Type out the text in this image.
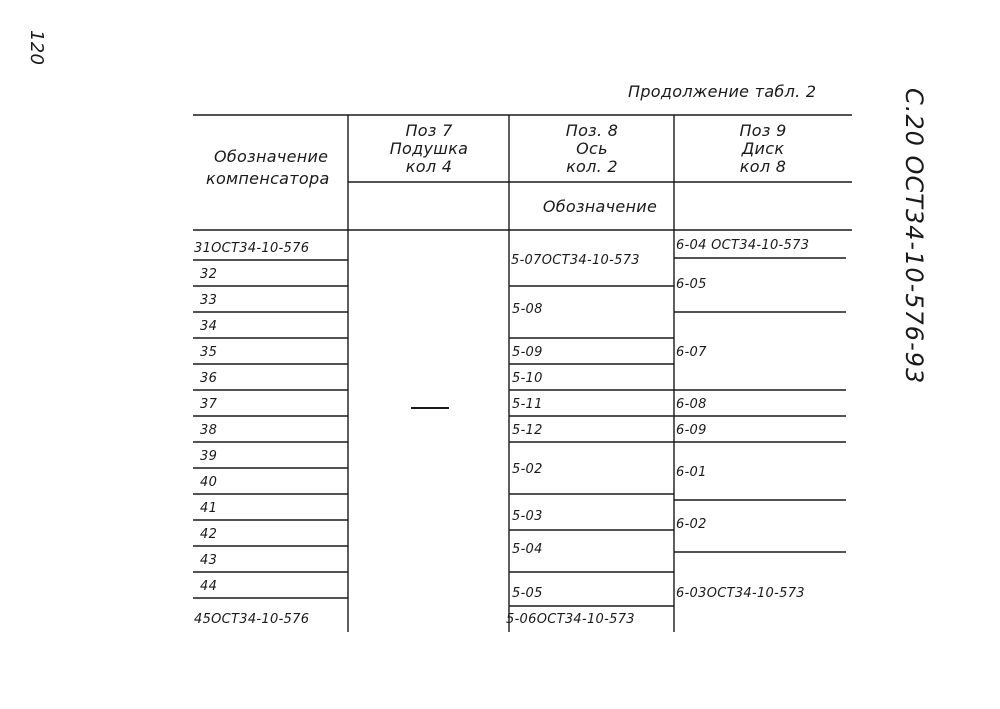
120
С.20 ОСТ34-10-576-93
Продолжение табл. 2
Обозначение
компенсатора
Поз 7
Подушка
кол 4
Поз. 8
Ось
кол. 2
Поз 9
Диск
кол 8
Обозначение
31ОСТ34-10-576
32
33
34
35
36
37
38
39
40
41
42
43
44
45ОСТ34-10-576
5-07ОСТ34-10-573
5-08
5-09
5-10
5-11
5-12
5-02
5-03
5-04
5-05
5-06ОСТ34-10-573
6-04 ОСТ34-10-573
6-05
6-07
6-08
6-09
6-01
6-02
6-03ОСТ34-10-573
